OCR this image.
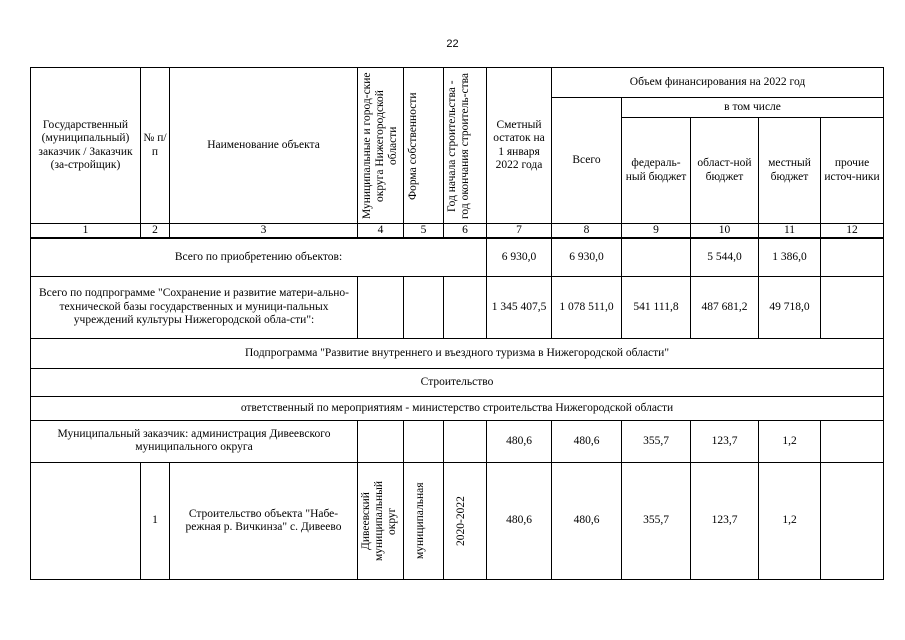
22
Государственный (муниципальный) заказчик / Заказчик (за-стройщик)	№ п/п	Наименование объекта	Муниципальные и город-ские округа Нижегородской области	Форма собственности	Год начала строительства - год окончания строитель-ства	Сметный остаток на 1 января 2022 года	Объем финансирования на 2022 год				
							Всего	в том числе			
								федераль-ный бюджет	област-ной бюджет	местный бюджет	прочие источ-ники
1	2	3	4	5	6	7	8	9	10	11	12
Всего по приобретению объектов:						6 930,0	6 930,0		5 544,0	1 386,0	
Всего по подпрограмме "Сохранение и развитие матери-ально-технической базы государственных и муници-пальных учреждений культуры Нижегородской обла-сти":						1 345 407,5	1 078 511,0	541 111,8	487 681,2	49 718,0	
Подпрограмма "Развитие внутреннего и въездного туризма в Нижегородской области"											
Строительство											
ответственный по мероприятиям - министерство строительства Нижегородской области											
Муниципальный заказчик: администрация Дивеевского муниципального округа						480,6	480,6	355,7	123,7	1,2	
	1	Строительство объекта "Набе-режная р. Вичкинза" с. Дивеево	Дивеевский муниципальный округ	муниципальная	2020-2022	480,6	480,6	355,7	123,7	1,2	
